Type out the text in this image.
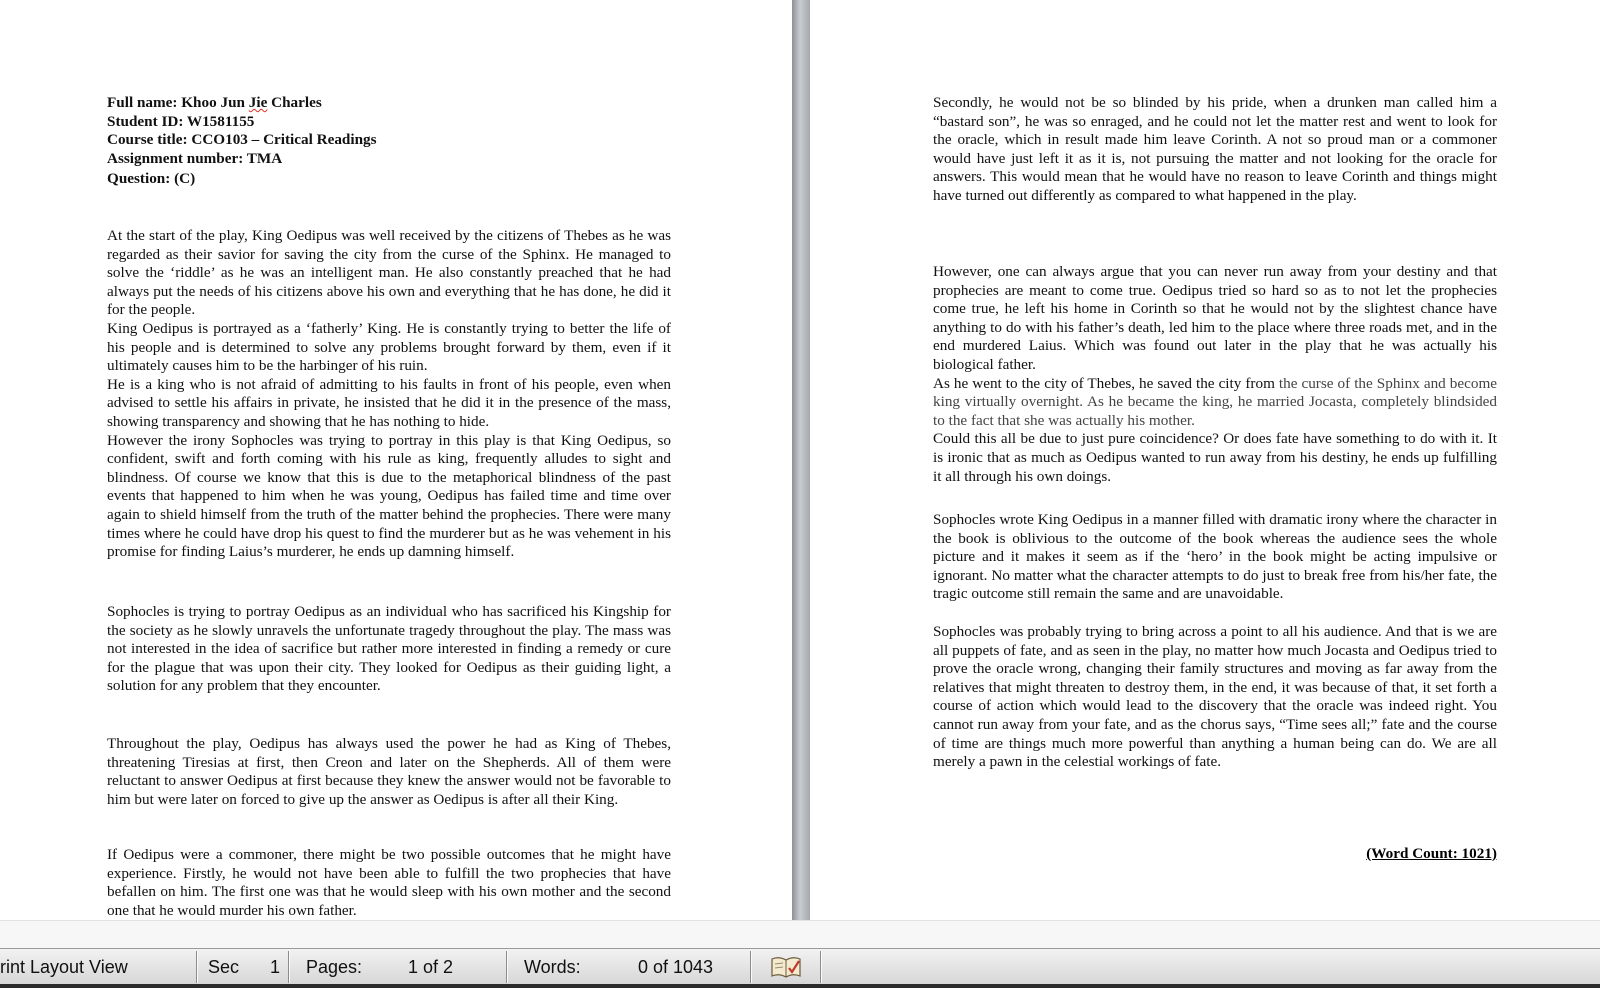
Full name: Khoo Jun Jie Charles
Student ID: W1581155
Course title: CCO103 – Critical Readings
Assignment number: TMA
Question: (C)

At the start of the play, King Oedipus was well received by the citizens of Thebes as he was regarded as their savior for saving the city from the curse of the Sphinx. He managed to solve the ‘riddle’ as he was an intelligent man. He also constantly preached that he had always put the needs of his citizens above his own and everything that he has done, he did it for the people.

King Oedipus is portrayed as a ‘fatherly’ King. He is constantly trying to better the life of his people and is determined to solve any problems brought forward by them, even if it ultimately causes him to be the harbinger of his ruin.

He is a king who is not afraid of admitting to his faults in front of his people, even when advised to settle his affairs in private, he insisted that he did it in the presence of the mass, showing transparency and showing that he has nothing to hide.

However the irony Sophocles was trying to portray in this play is that King Oedipus, so confident, swift and forth coming with his rule as king, frequently alludes to sight and blindness. Of course we know that this is due to the metaphorical blindness of the past events that happened to him when he was young, Oedipus has failed time and time over again to shield himself from the truth of the matter behind the prophecies. There were many times where he could have drop his quest to find the murderer but as he was vehement in his promise for finding Laius’s murderer, he ends up damning himself.

Sophocles is trying to portray Oedipus as an individual who has sacrificed his Kingship for the society as he slowly unravels the unfortunate tragedy throughout the play. The mass was not interested in the idea of sacrifice but rather more interested in finding a remedy or cure for the plague that was upon their city. They looked for Oedipus as their guiding light, a solution for any problem that they encounter.

Throughout the play, Oedipus has always used the power he had as King of Thebes, threatening Tiresias at first, then Creon and later on the Shepherds. All of them were reluctant to answer Oedipus at first because they knew the answer would not be favorable to him but were later on forced to give up the answer as Oedipus is after all their King.

If Oedipus were a commoner, there might be two possible outcomes that he might have experience. Firstly, he would not have been able to fulfill the two prophecies that have befallen on him. The first one was that he would sleep with his own mother and the second one that he would murder his own father.

Secondly, he would not be so blinded by his pride, when a drunken man called him a “bastard son”, he was so enraged, and he could not let the matter rest and went to look for the oracle, which in result made him leave Corinth. A not so proud man or a commoner would have just left it as it is, not pursuing the matter and not looking for the oracle for answers. This would mean that he would have no reason to leave Corinth and things might have turned out differently as compared to what happened in the play.

However, one can always argue that you can never run away from your destiny and that prophecies are meant to come true. Oedipus tried so hard so as to not let the prophecies come true, he left his home in Corinth so that he would not by the slightest chance have anything to do with his father’s death, led him to the place where three roads met, and in the end murdered Laius. Which was found out later in the play that he was actually his biological father.

As he went to the city of Thebes, he saved the city from the curse of the Sphinx and become king virtually overnight. As he became the king, he married Jocasta, completely blindsided to the fact that she was actually his mother.

Could this all be due to just pure coincidence? Or does fate have something to do with it. It is ironic that as much as Oedipus wanted to run away from his destiny, he ends up fulfilling it all through his own doings.

Sophocles wrote King Oedipus in a manner filled with dramatic irony where the character in the book is oblivious to the outcome of the book whereas the audience sees the whole picture and it makes it seem as if the ‘hero’ in the book might be acting impulsive or ignorant. No matter what the character attempts to do just to break free from his/her fate, the tragic outcome still remain the same and are unavoidable.

Sophocles was probably trying to bring across a point to all his audience. And that is we are all puppets of fate, and as seen in the play, no matter how much Jocasta and Oedipus tried to prove the oracle wrong, changing their family structures and moving as far away from the relatives that might threaten to destroy them, in the end, it was because of that, it set forth a course of action which would lead to the discovery that the oracle was indeed right. You cannot run away from your fate, and as the chorus says, “Time sees all;” fate and the course of time are things much more powerful than anything a human being can do. We are all merely a pawn in the celestial workings of fate.

(Word Count: 1021)
rint Layout View	Sec 1 Pages:	1 of 2	Words:	0 of 1043
